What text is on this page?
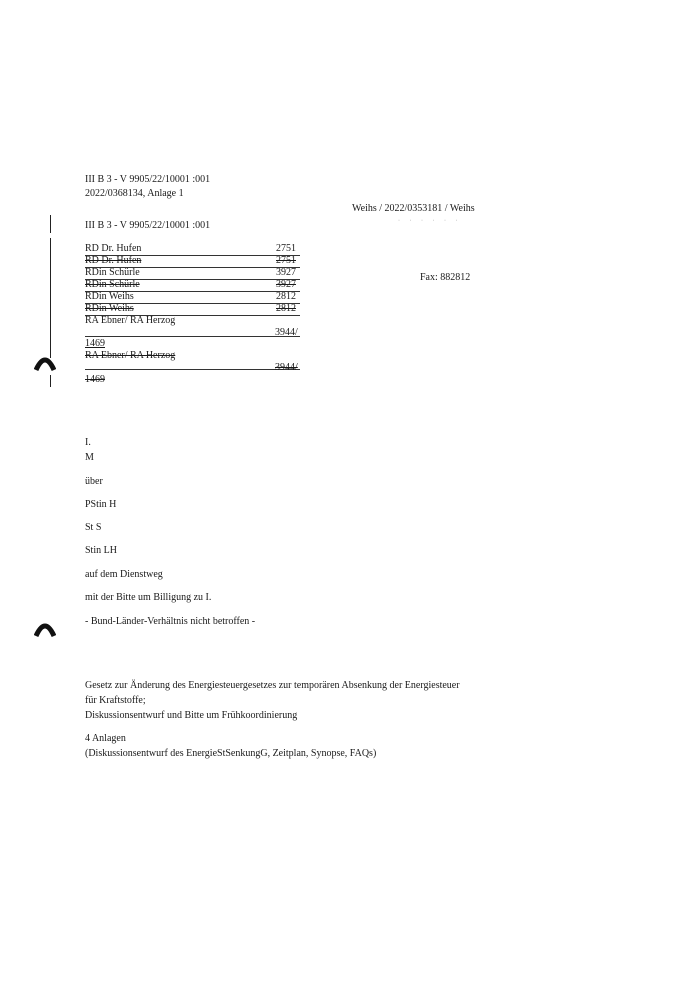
III B 3 - V 9905/22/10001 :001
2022/0368134, Anlage 1
Weihs / 2022/0353181 / Weihs
· · · · · ·
III B 3 - V 9905/22/10001 :001
RD Dr. Hufen	2751
RD Dr. Hufen	2751
RDin Schürle	3927
RDin Schürle	3927
RDin Weihs	2812
RDin Weihs	2812
RA Ebner/ RA Herzog
3944/
1469
RA Ebner/ RA Herzog
3944/
1469
Fax: 882812
I.
M
über
PStin H
St S
Stin LH
auf dem Dienstweg
mit der Bitte um Billigung zu I.
- Bund-Länder-Verhältnis nicht betroffen -
Gesetz zur Änderung des Energiesteuergesetzes zur temporären Absenkung der Energiesteuer
für Kraftstoffe;
Diskussionsentwurf und Bitte um Frühkoordinierung
4 Anlagen
(Diskussionsentwurf des EnergieStSenkungG, Zeitplan, Synopse, FAQs)
